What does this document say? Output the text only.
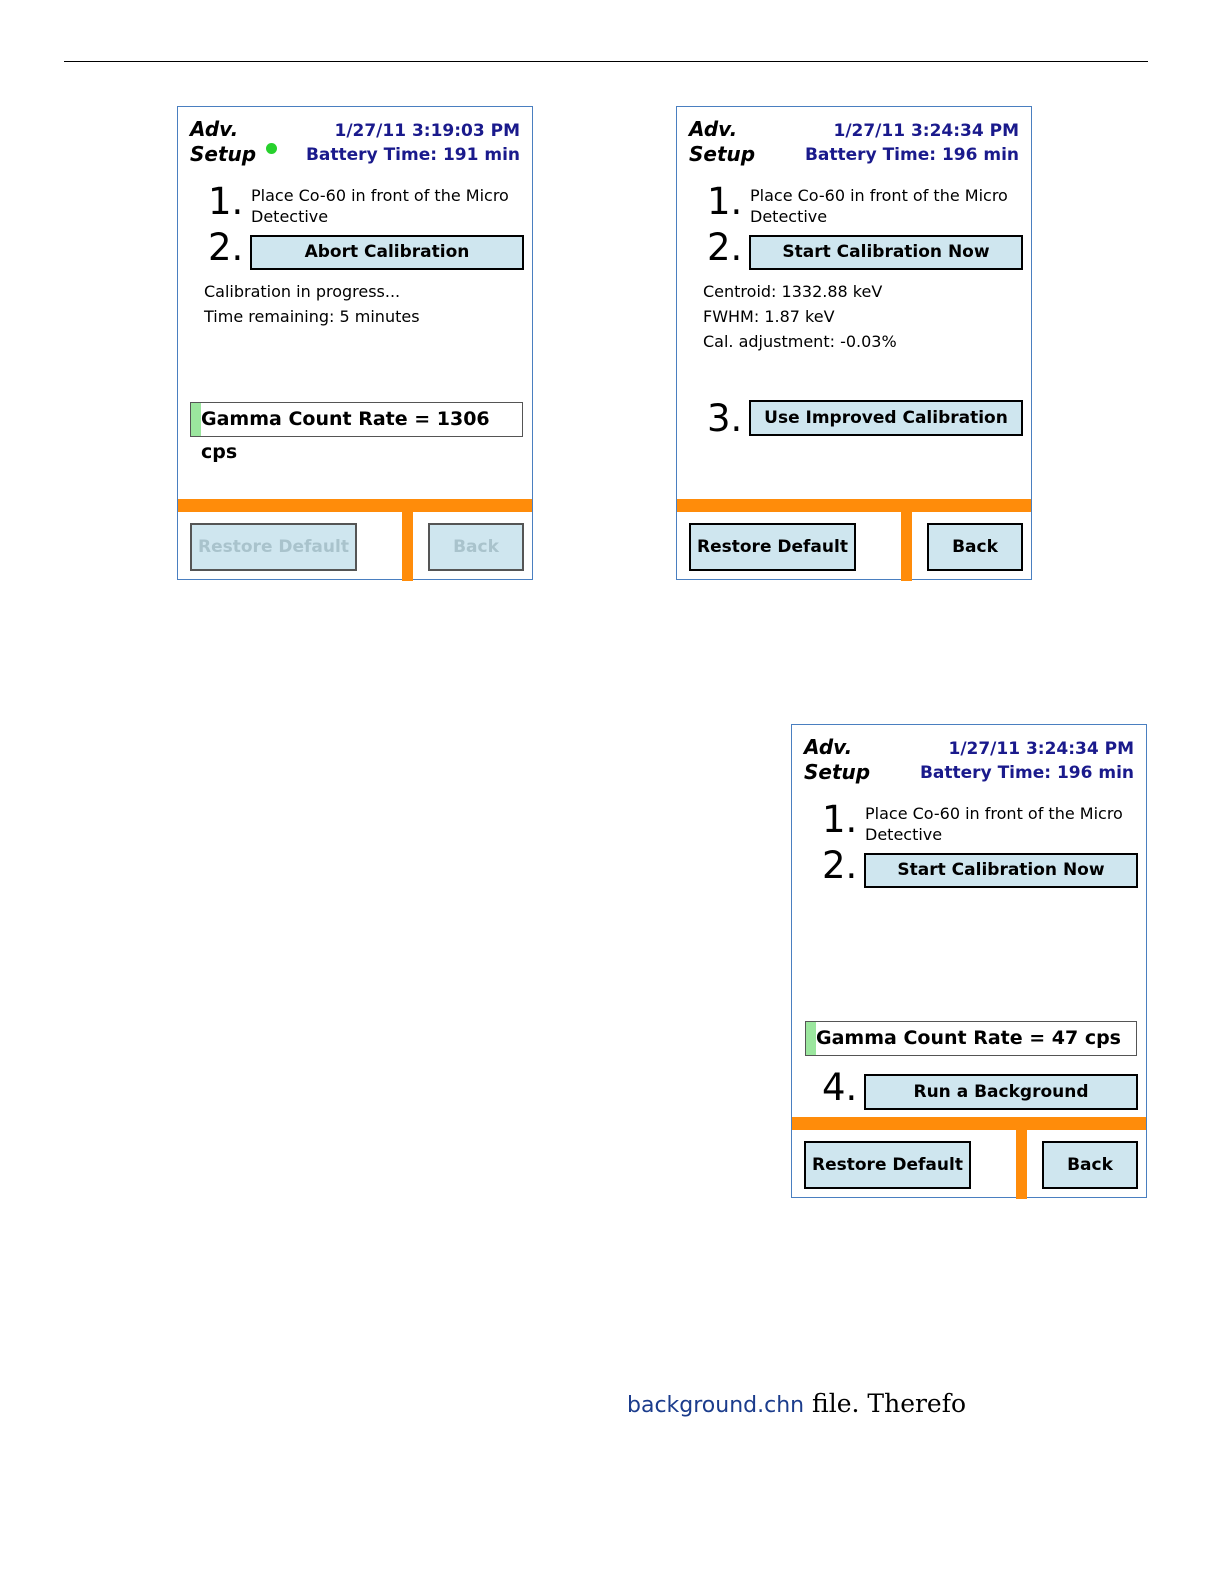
Adv.
Setup
1/27/11 3:19:03 PM
Battery Time: 191 min
1. Place Co-60 in front of the Micro Detective
2.	Abort Calibration
Calibration in progress...
Time remaining: 5 minutes
Gamma Count Rate = 1306 cps
Restore Default	Back
Adv.
Setup
1/27/11 3:24:34 PM
Battery Time: 196 min
1. Place Co-60 in front of the Micro Detective
2.	Start Calibration Now
Centroid: 1332.88 keV
FWHM: 1.87 keV
Cal. adjustment: -0.03%
3.	Use Improved Calibration
Restore Default	Back
Adv.
Setup
1/27/11 3:24:34 PM
Battery Time: 196 min
1. Place Co-60 in front of the Micro Detective
2.	Start Calibration Now
Gamma Count Rate = 47 cps
4.	Run a Background
Restore Default	Back
background.chn file. Therefo
